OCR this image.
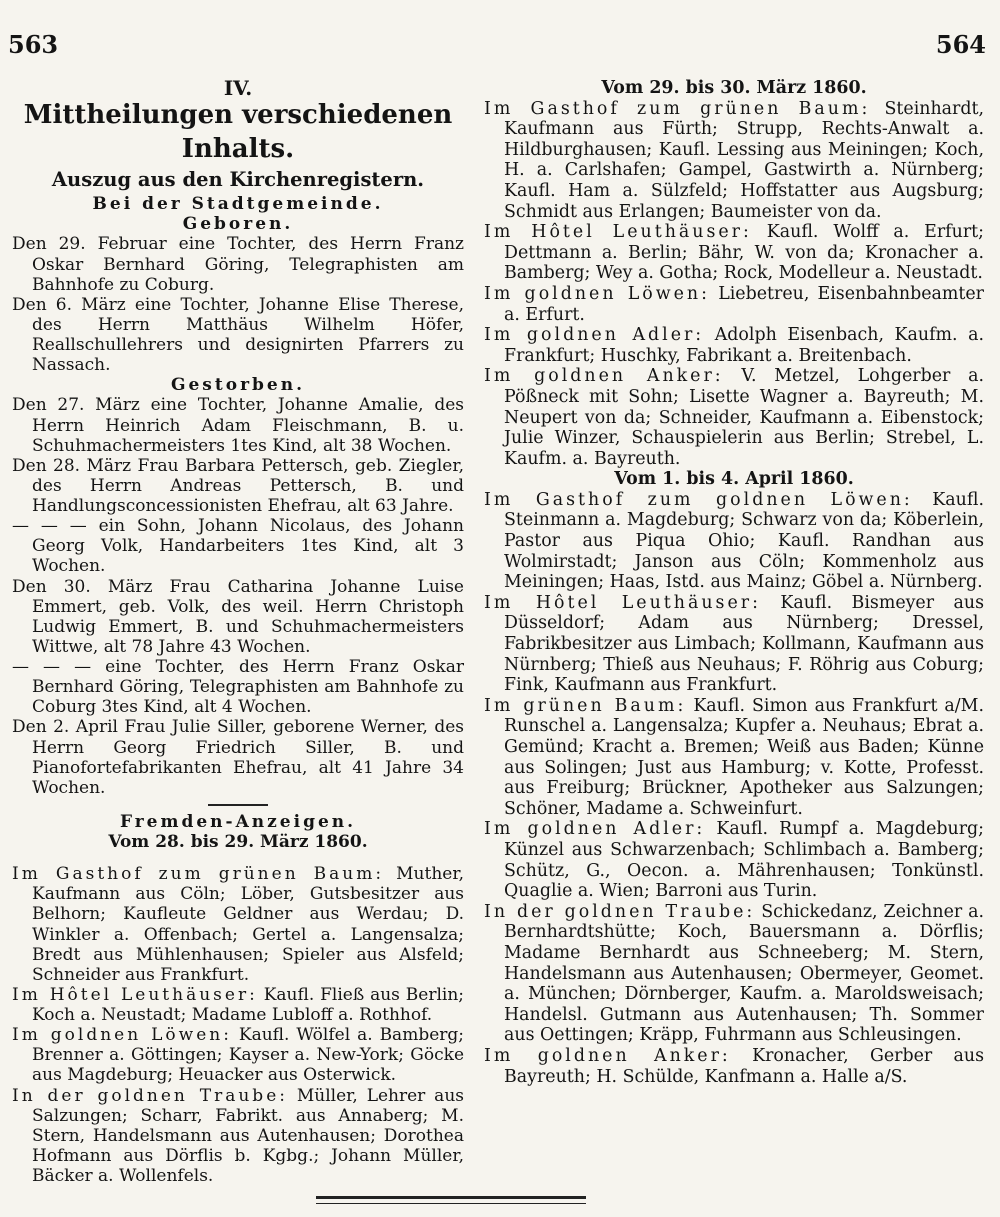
563	564

IV.

Mittheilungen verschiedenen Inhalts.

Auszug aus den Kirchenregistern.

Bei der Stadtgemeinde.

Geboren.

Den 29. Februar eine Tochter, des Herrn Franz Oskar Bernhard Göring, Telegraphisten am Bahnhofe zu Coburg.

Den 6. März eine Tochter, Johanne Elise Therese, des Herrn Matthäus Wilhelm Höfer, Reallschullehrers und designirten Pfarrers zu Nassach.

Gestorben.

Den 27. März eine Tochter, Johanne Amalie, des Herrn Heinrich Adam Fleischmann, B. u. Schuhmachermeisters 1tes Kind, alt 38 Wochen.

Den 28. März Frau Barbara Pettersch, geb. Ziegler, des Herrn Andreas Pettersch, B. und Handlungsconcessionisten Ehefrau, alt 63 Jahre.

— — — ein Sohn, Johann Nicolaus, des Johann Georg Volk, Handarbeiters 1tes Kind, alt 3 Wochen.

Den 30. März Frau Catharina Johanne Luise Emmert, geb. Volk, des weil. Herrn Christoph Ludwig Emmert, B. und Schuhmachermeisters Wittwe, alt 78 Jahre 43 Wochen.

— — — eine Tochter, des Herrn Franz Oskar Bernhard Göring, Telegraphisten am Bahnhofe zu Coburg 3tes Kind, alt 4 Wochen.

Den 2. April Frau Julie Siller, geborene Werner, des Herrn Georg Friedrich Siller, B. und Pianofortefabrikanten Ehefrau, alt 41 Jahre 34 Wochen.

Fremden-Anzeigen.

Vom 28. bis 29. März 1860.

Im Gasthof zum grünen Baum: Muther, Kaufmann aus Cöln; Löber, Gutsbesitzer aus Belhorn; Kaufleute Geldner aus Werdau; D. Winkler a. Offenbach; Gertel a. Langensalza; Bredt aus Mühlenhausen; Spieler aus Alsfeld; Schneider aus Frankfurt.

Im Hôtel Leuthäuser: Kaufl. Fließ aus Berlin; Koch a. Neustadt; Madame Lubloff a. Rothhof.

Im goldnen Löwen: Kaufl. Wölfel a. Bamberg; Brenner a. Göttingen; Kayser a. New-York; Göcke aus Magdeburg; Heuacker aus Osterwick.

In der goldnen Traube: Müller, Lehrer aus Salzungen; Scharr, Fabrikt. aus Annaberg; M. Stern, Handelsmann aus Autenhausen; Dorothea Hofmann aus Dörflis b. Kgbg.; Johann Müller, Bäcker a. Wollenfels.

Vom 29. bis 30. März 1860.

Im Gasthof zum grünen Baum: Steinhardt, Kaufmann aus Fürth; Strupp, Rechts-Anwalt a. Hildburghausen; Kaufl. Lessing aus Meiningen; Koch, H. a. Carlshafen; Gampel, Gastwirth a. Nürnberg; Kaufl. Ham a. Sülzfeld; Hoffstatter aus Augsburg; Schmidt aus Erlangen; Baumeister von da.

Im Hôtel Leuthäuser: Kaufl. Wolff a. Erfurt; Dettmann a. Berlin; Bähr, W. von da; Kronacher a. Bamberg; Wey a. Gotha; Rock, Modelleur a. Neustadt.

Im goldnen Löwen: Liebetreu, Eisenbahnbeamter a. Erfurt.

Im goldnen Adler: Adolph Eisenbach, Kaufm. a. Frankfurt; Huschky, Fabrikant a. Breitenbach.

Im goldnen Anker: V. Metzel, Lohgerber a. Pößneck mit Sohn; Lisette Wagner a. Bayreuth; M. Neupert von da; Schneider, Kaufmann a. Eibenstock; Julie Winzer, Schauspielerin aus Berlin; Strebel, L. Kaufm. a. Bayreuth.

Vom 1. bis 4. April 1860.

Im Gasthof zum goldnen Löwen: Kaufl. Steinmann a. Magdeburg; Schwarz von da; Köberlein, Pastor aus Piqua Ohio; Kaufl. Randhan aus Wolmirstadt; Janson aus Cöln; Kommenholz aus Meiningen; Haas, Istd. aus Mainz; Göbel a. Nürnberg.

Im Hôtel Leuthäuser: Kaufl. Bismeyer aus Düsseldorf; Adam aus Nürnberg; Dressel, Fabrikbesitzer aus Limbach; Kollmann, Kaufmann aus Nürnberg; Thieß aus Neuhaus; F. Röhrig aus Coburg; Fink, Kaufmann aus Frankfurt.

Im grünen Baum: Kaufl. Simon aus Frankfurt a/M. Runschel a. Langensalza; Kupfer a. Neuhaus; Ebrat a. Gemünd; Kracht a. Bremen; Weiß aus Baden; Künne aus Solingen; Just aus Hamburg; v. Kotte, Professt. aus Freiburg; Brückner, Apotheker aus Salzungen; Schöner, Madame a. Schweinfurt.

Im goldnen Adler: Kaufl. Rumpf a. Magdeburg; Künzel aus Schwarzenbach; Schlimbach a. Bamberg; Schütz, G., Oecon. a. Mährenhausen; Tonkünstl. Quaglie a. Wien; Barroni aus Turin.

In der goldnen Traube: Schickedanz, Zeichner a. Bernhardtshütte; Koch, Bauersmann a. Dörflis; Madame Bernhardt aus Schneeberg; M. Stern, Handelsmann aus Autenhausen; Obermeyer, Geomet. a. München; Dörnberger, Kaufm. a. Maroldsweisach; Handelsl. Gutmann aus Autenhausen; Th. Sommer aus Oettingen; Kräpp, Fuhrmann aus Schleusingen.

Im goldnen Anker: Kronacher, Gerber aus Bayreuth; H. Schülde, Kanfmann a. Halle a/S.
